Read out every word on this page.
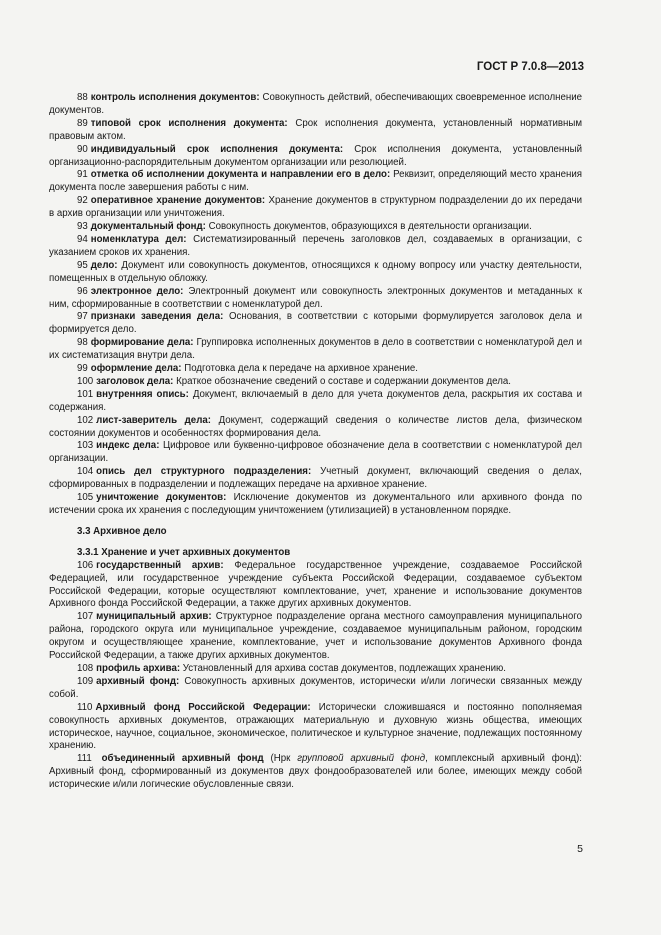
ГОСТ Р 7.0.8—2013

88 контроль исполнения документов: Совокупность действий, обеспечивающих своевременное исполнение документов.

89 типовой срок исполнения документа: Срок исполнения документа, установленный нормативным правовым актом.

90 индивидуальный срок исполнения документа: Срок исполнения документа, установленный организационно-распорядительным документом организации или резолюцией.

91 отметка об исполнении документа и направлении его в дело: Реквизит, определяющий место хранения документа после завершения работы с ним.

92 оперативное хранение документов: Хранение документов в структурном подразделении до их передачи в архив организации или уничтожения.

93 документальный фонд: Совокупность документов, образующихся в деятельности организации.

94 номенклатура дел: Систематизированный перечень заголовков дел, создаваемых в организации, с указанием сроков их хранения.

95 дело: Документ или совокупность документов, относящихся к одному вопросу или участку деятельности, помещенных в отдельную обложку.

96 электронное дело: Электронный документ или совокупность электронных документов и метаданных к ним, сформированные в соответствии с номенклатурой дел.

97 признаки заведения дела: Основания, в соответствии с которыми формулируется заголовок дела и формируется дело.

98 формирование дела: Группировка исполненных документов в дело в соответствии с номенклатурой дел и их систематизация внутри дела.

99 оформление дела: Подготовка дела к передаче на архивное хранение.

100 заголовок дела: Краткое обозначение сведений о составе и содержании документов дела.

101 внутренняя опись: Документ, включаемый в дело для учета документов дела, раскрытия их состава и содержания.

102 лист-заверитель дела: Документ, содержащий сведения о количестве листов дела, физическом состоянии документов и особенностях формирования дела.

103 индекс дела: Цифровое или буквенно-цифровое обозначение дела в соответствии с номенклатурой дел организации.

104 опись дел структурного подразделения: Учетный документ, включающий сведения о делах, сформированных в подразделении и подлежащих передаче на архивное хранение.

105 уничтожение документов: Исключение документов из документального или архивного фонда по истечении срока их хранения с последующим уничтожением (утилизацией) в установленном порядке.

3.3 Архивное дело

3.3.1 Хранение и учет архивных документов

106 государственный архив: Федеральное государственное учреждение, создаваемое Российской Федерацией, или государственное учреждение субъекта Российской Федерации, создаваемое субъектом Российской Федерации, которые осуществляют комплектование, учет, хранение и использование документов Архивного фонда Российской Федерации, а также других архивных документов.

107 муниципальный архив: Структурное подразделение органа местного самоуправления муниципального района, городского округа или муниципальное учреждение, создаваемое муниципальным районом, городским округом и осуществляющее хранение, комплектование, учет и использование документов Архивного фонда Российской Федерации, а также других архивных документов.

108 профиль архива: Установленный для архива состав документов, подлежащих хранению.

109 архивный фонд: Совокупность архивных документов, исторически и/или логически связанных между собой.

110 Архивный фонд Российской Федерации: Исторически сложившаяся и постоянно пополняемая совокупность архивных документов, отражающих материальную и духовную жизнь общества, имеющих историческое, научное, социальное, экономическое, политическое и культурное значение, подлежащих постоянному хранению.

111 объединенный архивный фонд (Нрк групповой архивный фонд, комплексный архивный фонд): Архивный фонд, сформированный из документов двух фондообразователей или более, имеющих между собой исторические и/или логические обусловленные связи.

5
